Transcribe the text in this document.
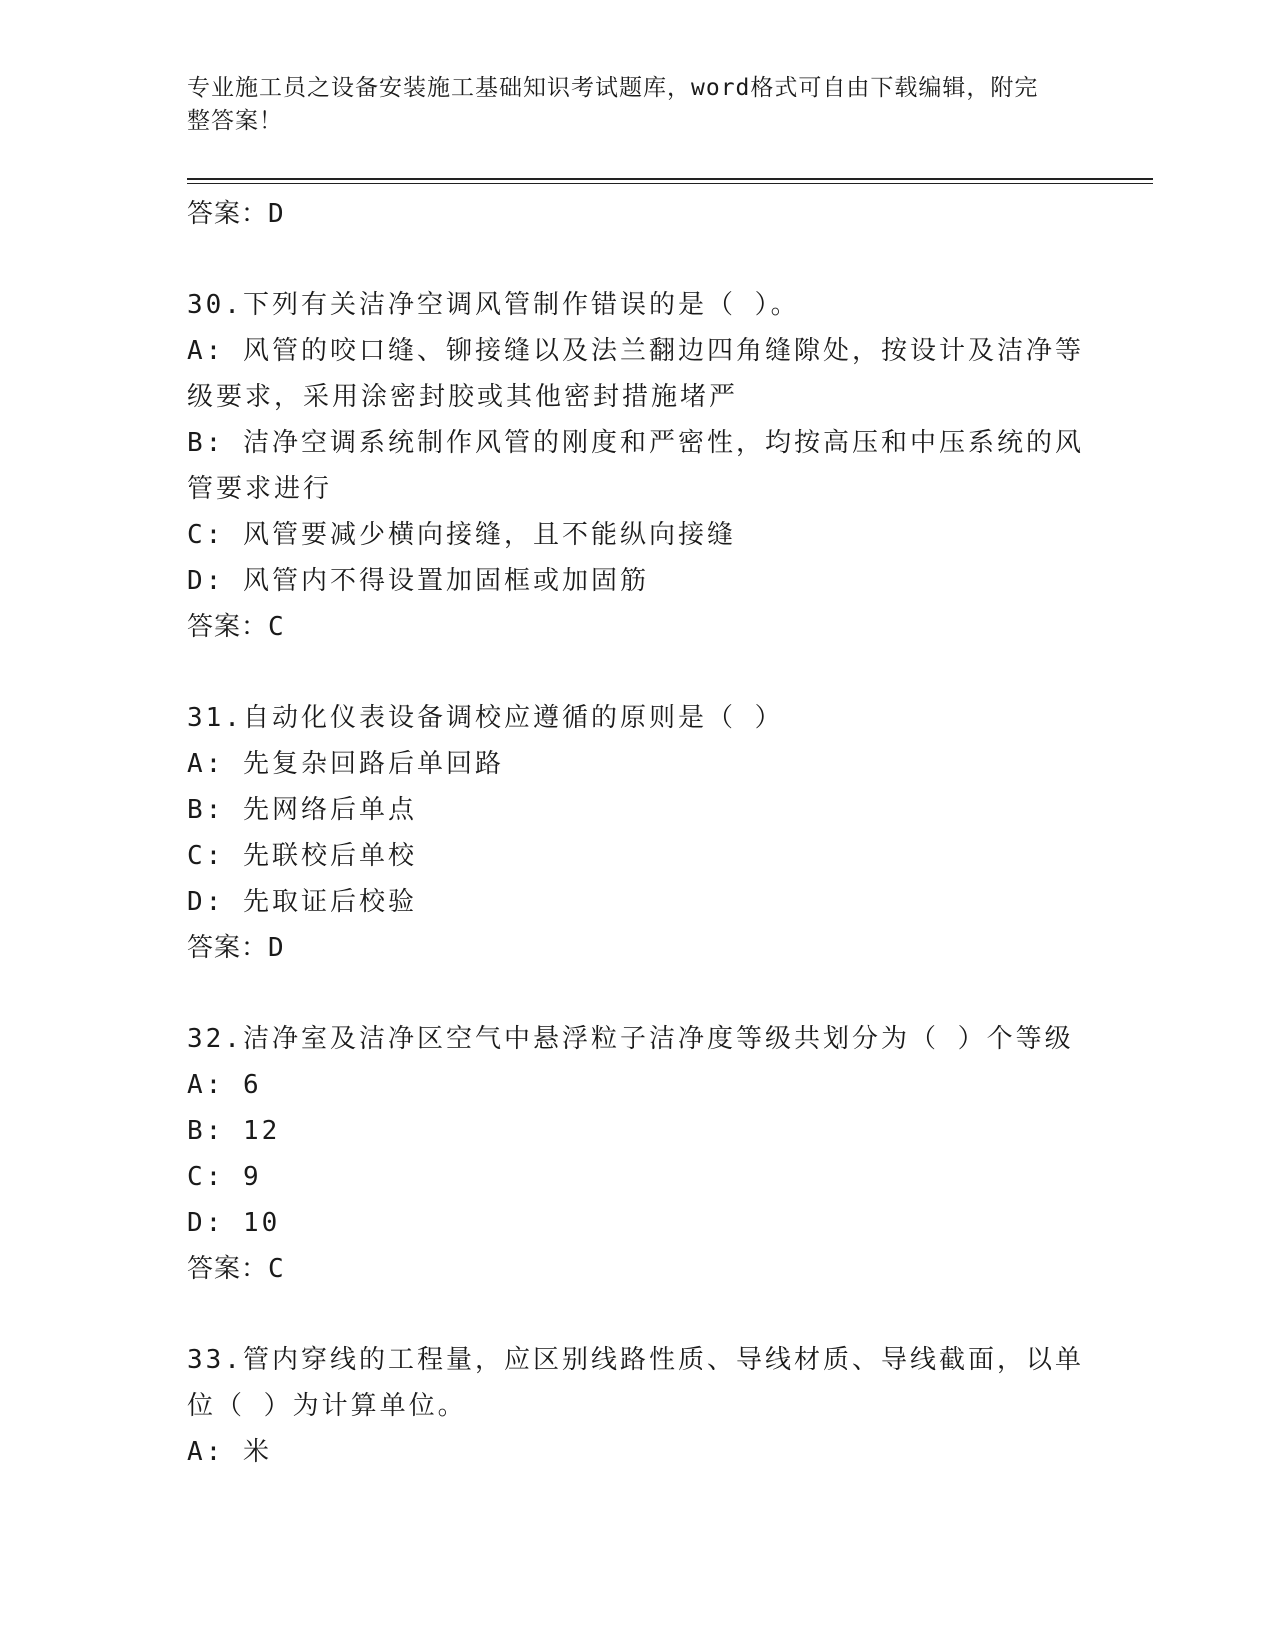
专业施工员之设备安装施工基础知识考试题库，word格式可自由下载编辑，附完
整答案！
答案：D
30.下列有关洁净空调风管制作错误的是（ ）。
A: 风管的咬口缝、铆接缝以及法兰翻边四角缝隙处，按设计及洁净等
级要求，采用涂密封胶或其他密封措施堵严
B: 洁净空调系统制作风管的刚度和严密性，均按高压和中压系统的风
管要求进行
C: 风管要减少横向接缝，且不能纵向接缝
D: 风管内不得设置加固框或加固筋
答案：C
31.自动化仪表设备调校应遵循的原则是（ ）
A: 先复杂回路后单回路
B: 先网络后单点
C: 先联校后单校
D: 先取证后校验
答案：D
32.洁净室及洁净区空气中悬浮粒子洁净度等级共划分为（ ）个等级
A: 6
B: 12
C: 9
D: 10
答案：C
33.管内穿线的工程量，应区别线路性质、导线材质、导线截面，以单
位（ ）为计算单位。
A: 米
